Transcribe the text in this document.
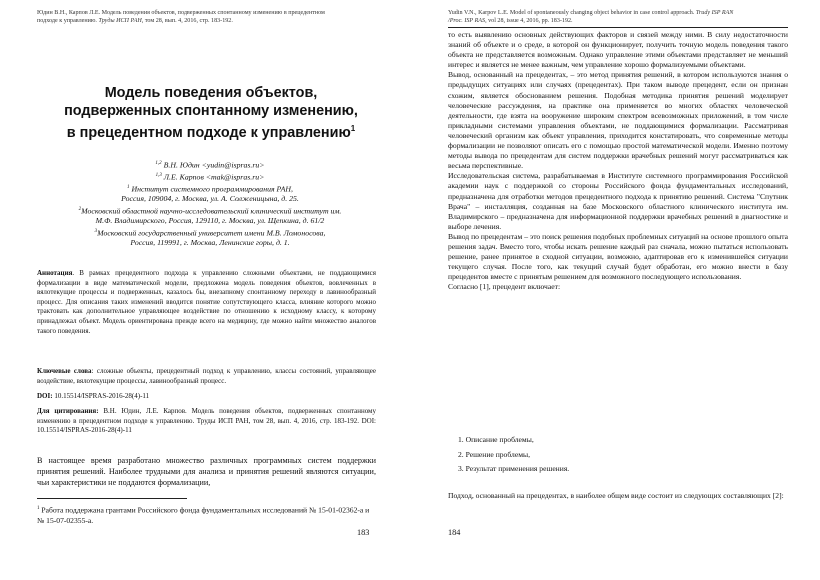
Юдин В.Н., Карпов Л.Е. Модель поведения объектов, подверженных спонтанному изменению в прецедентном
подходе к управлению. Труды ИСП РАН, том 28, вып. 4, 2016, стр. 183-192.
Модель поведения объектов,
подверженных спонтанному изменению,
в прецедентном подходе к управлению$^1$
$^{1,2}$ В.Н. Юдин <yudin@ispras.ru>
$^{1,3}$ Л.Е. Карпов <mak@ispras.ru>
$^1$ Институт системного программирования РАН,
Россия, 109004, г. Москва, ул. А. Солженицына, д. 25.
$^2$Московский областной научно-исследовательский клинический институт им.
М.Ф. Владимирского, Россия, 129110, г. Москва, ул. Щепкина, д. 61/2
$^3$Московский государственный университет имени М.В. Ломоносова,
Россия, 119991, г. Москва, Ленинские горы, д. 1.
Аннотация. В рамках прецедентного подхода к управлению сложными объектами, не поддающимися формализации в виде математической модели, предложена модель поведения объектов, вовлеченных в вялотекущие процессы и подверженных, казалось бы, внезапному спонтанному переходу в лавинообразный процесс. Для описания таких изменений вводится понятие сопутствующего класса, влияние которого можно трактовать как дополнительное управляющее воздействие по отношению к исходному классу, к которому принадлежал объект. Модель ориентирована прежде всего на медицину, где можно найти множество аналогов такого поведения.
Ключевые слова: сложные объекты, прецедентный подход к управлению, классы состояний, управляющее воздействие, вялотекущие процессы, лавинообразный процесс.
DOI: 10.15514/ISPRAS-2016-28(4)-11
Для цитирования: В.Н. Юдин, Л.Е. Карпов. Модель поведения объектов, подверженных спонтанному изменению в прецедентном подходе к управлению. Труды ИСП РАН, том 28, вып. 4, 2016, стр. 183-192. DOI: 10.15514/ISPRAS-2016-28(4)-11
В настоящее время разработано множество различных программных систем поддержки принятия решений. Наиболее трудными для анализа и принятия решений являются ситуации, чьи характеристики не поддаются формализации,
$^1$ Работа поддержана грантами Российского фонда фундаментальных исследований № 15-01-02362-а и № 15-07-02355-а.
183
Yudin V.N., Karpov L.E. Model of spontaneously changing object behavior in case control approach. Trudy ISP RAN
/Proc. ISP RAS, vol 28, issue 4, 2016, pp. 183-192.
то есть выявлению основных действующих факторов и связей между ними. В силу недостаточности знаний об объекте и о среде, в которой он функционирует, получить точную модель поведения такого объекта не представляется возможным. Однако управление этими объектами представляет не меньший интерес и является не менее важным, чем управление хорошо формализуемыми объектами.
Вывод, основанный на прецедентах, – это метод принятия решений, в котором используются знания о предыдущих ситуациях или случаях (прецедентах). При таком выводе прецедент, если он признан схожим, является обоснованием решения. Подобная методика принятия решений моделирует человеческие рассуждения, на практике она применяется во многих областях человеческой деятельности, где взята на вооружение широким спектром всевозможных приложений, в том числе прикладными системами управления объектами, не поддающимися формализации. Рассматривая человеческий организм как объект управления, приходится констатировать, что современные методы формализации не позволяют описать его с помощью простой математической модели. Именно поэтому методы вывода по прецедентам для систем поддержки врачебных решений могут рассматриваться как весьма перспективные.
Исследовательская система, разрабатываемая в Институте системного программирования Российской академии наук с поддержкой со стороны Российского фонда фундаментальных исследований, предназначена для отработки методов прецедентного подхода к принятию решений. Система "Спутник Врача" – инсталляция, созданная на базе Московского областного клинического института им. Владимирского – предназначена для информационной поддержки врачебных решений в диагностике и выборе лечения.
Вывод по прецедентам – это поиск решения подобных проблемных ситуаций на основе прошлого опыта решения задач. Вместо того, чтобы искать решение каждый раз сначала, можно пытаться использовать решение, ранее принятое в сходной ситуации, возможно, адаптировав его к изменившейся ситуации текущего случая. После того, как текущий случай будет обработан, его можно внести в базу прецедентов вместе с принятым решением для возможного последующего использования.
Согласно [1], прецедент включает:
1. Описание проблемы,
2. Решение проблемы,
3. Результат применения решения.
Подход, основанный на прецедентах, в наиболее общем виде состоит из следующих составляющих [2]:
184
